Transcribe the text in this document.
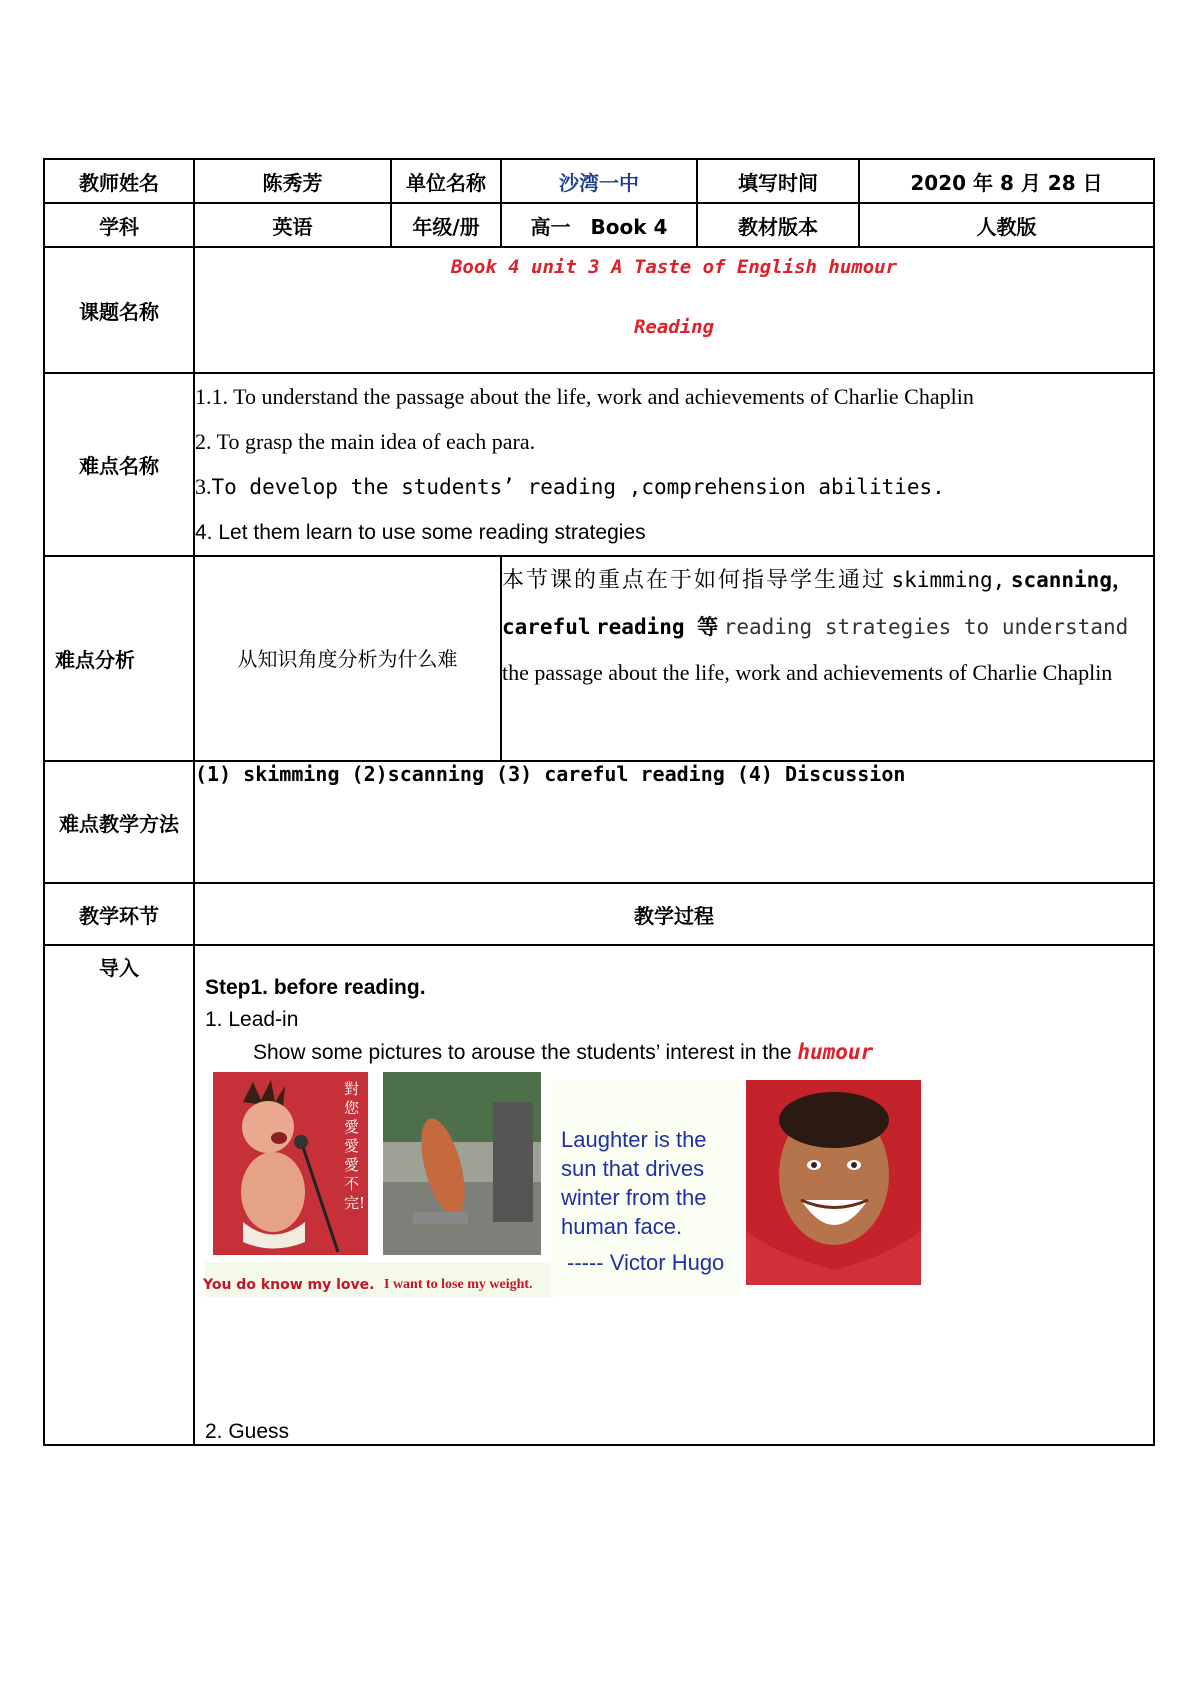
教师姓名	陈秀芳	单位名称	沙湾一中	填写时间	2020 年 8 月 28 日
学科	英语	年级/册	高一　Book 4	教材版本	人教版
课题名称	Book 4 unit 3 A Taste of English humour
Reading				

难点名称	1.1. To understand the passage about the life, work and achievements of Charlie Chaplin
2. To grasp the main idea of each para.
3.To develop the students’ reading ,comprehension abilities.
4. Let them learn to use some reading strategies				

难点分析	从知识角度分析为什么难		本节课的重点在于如何指导学生通过 skimming, scanning， careful reading 等 reading strategies to understand the passage about the life, work and achievements of Charlie Chaplin		
难点教学方法	(1) skimming (2)scanning (3) careful reading (4) Discussion				
教学环节	教学过程				
导入	Step1. before reading.
1. Lead-in
Show some pictures to arouse the students’ interest in the humour
2. Guess				
對您愛愛愛不完!
You do know my love. I want to lose my weight.
Laughter is the
sun that drives
winter from the
human face.
----- Victor Hugo
